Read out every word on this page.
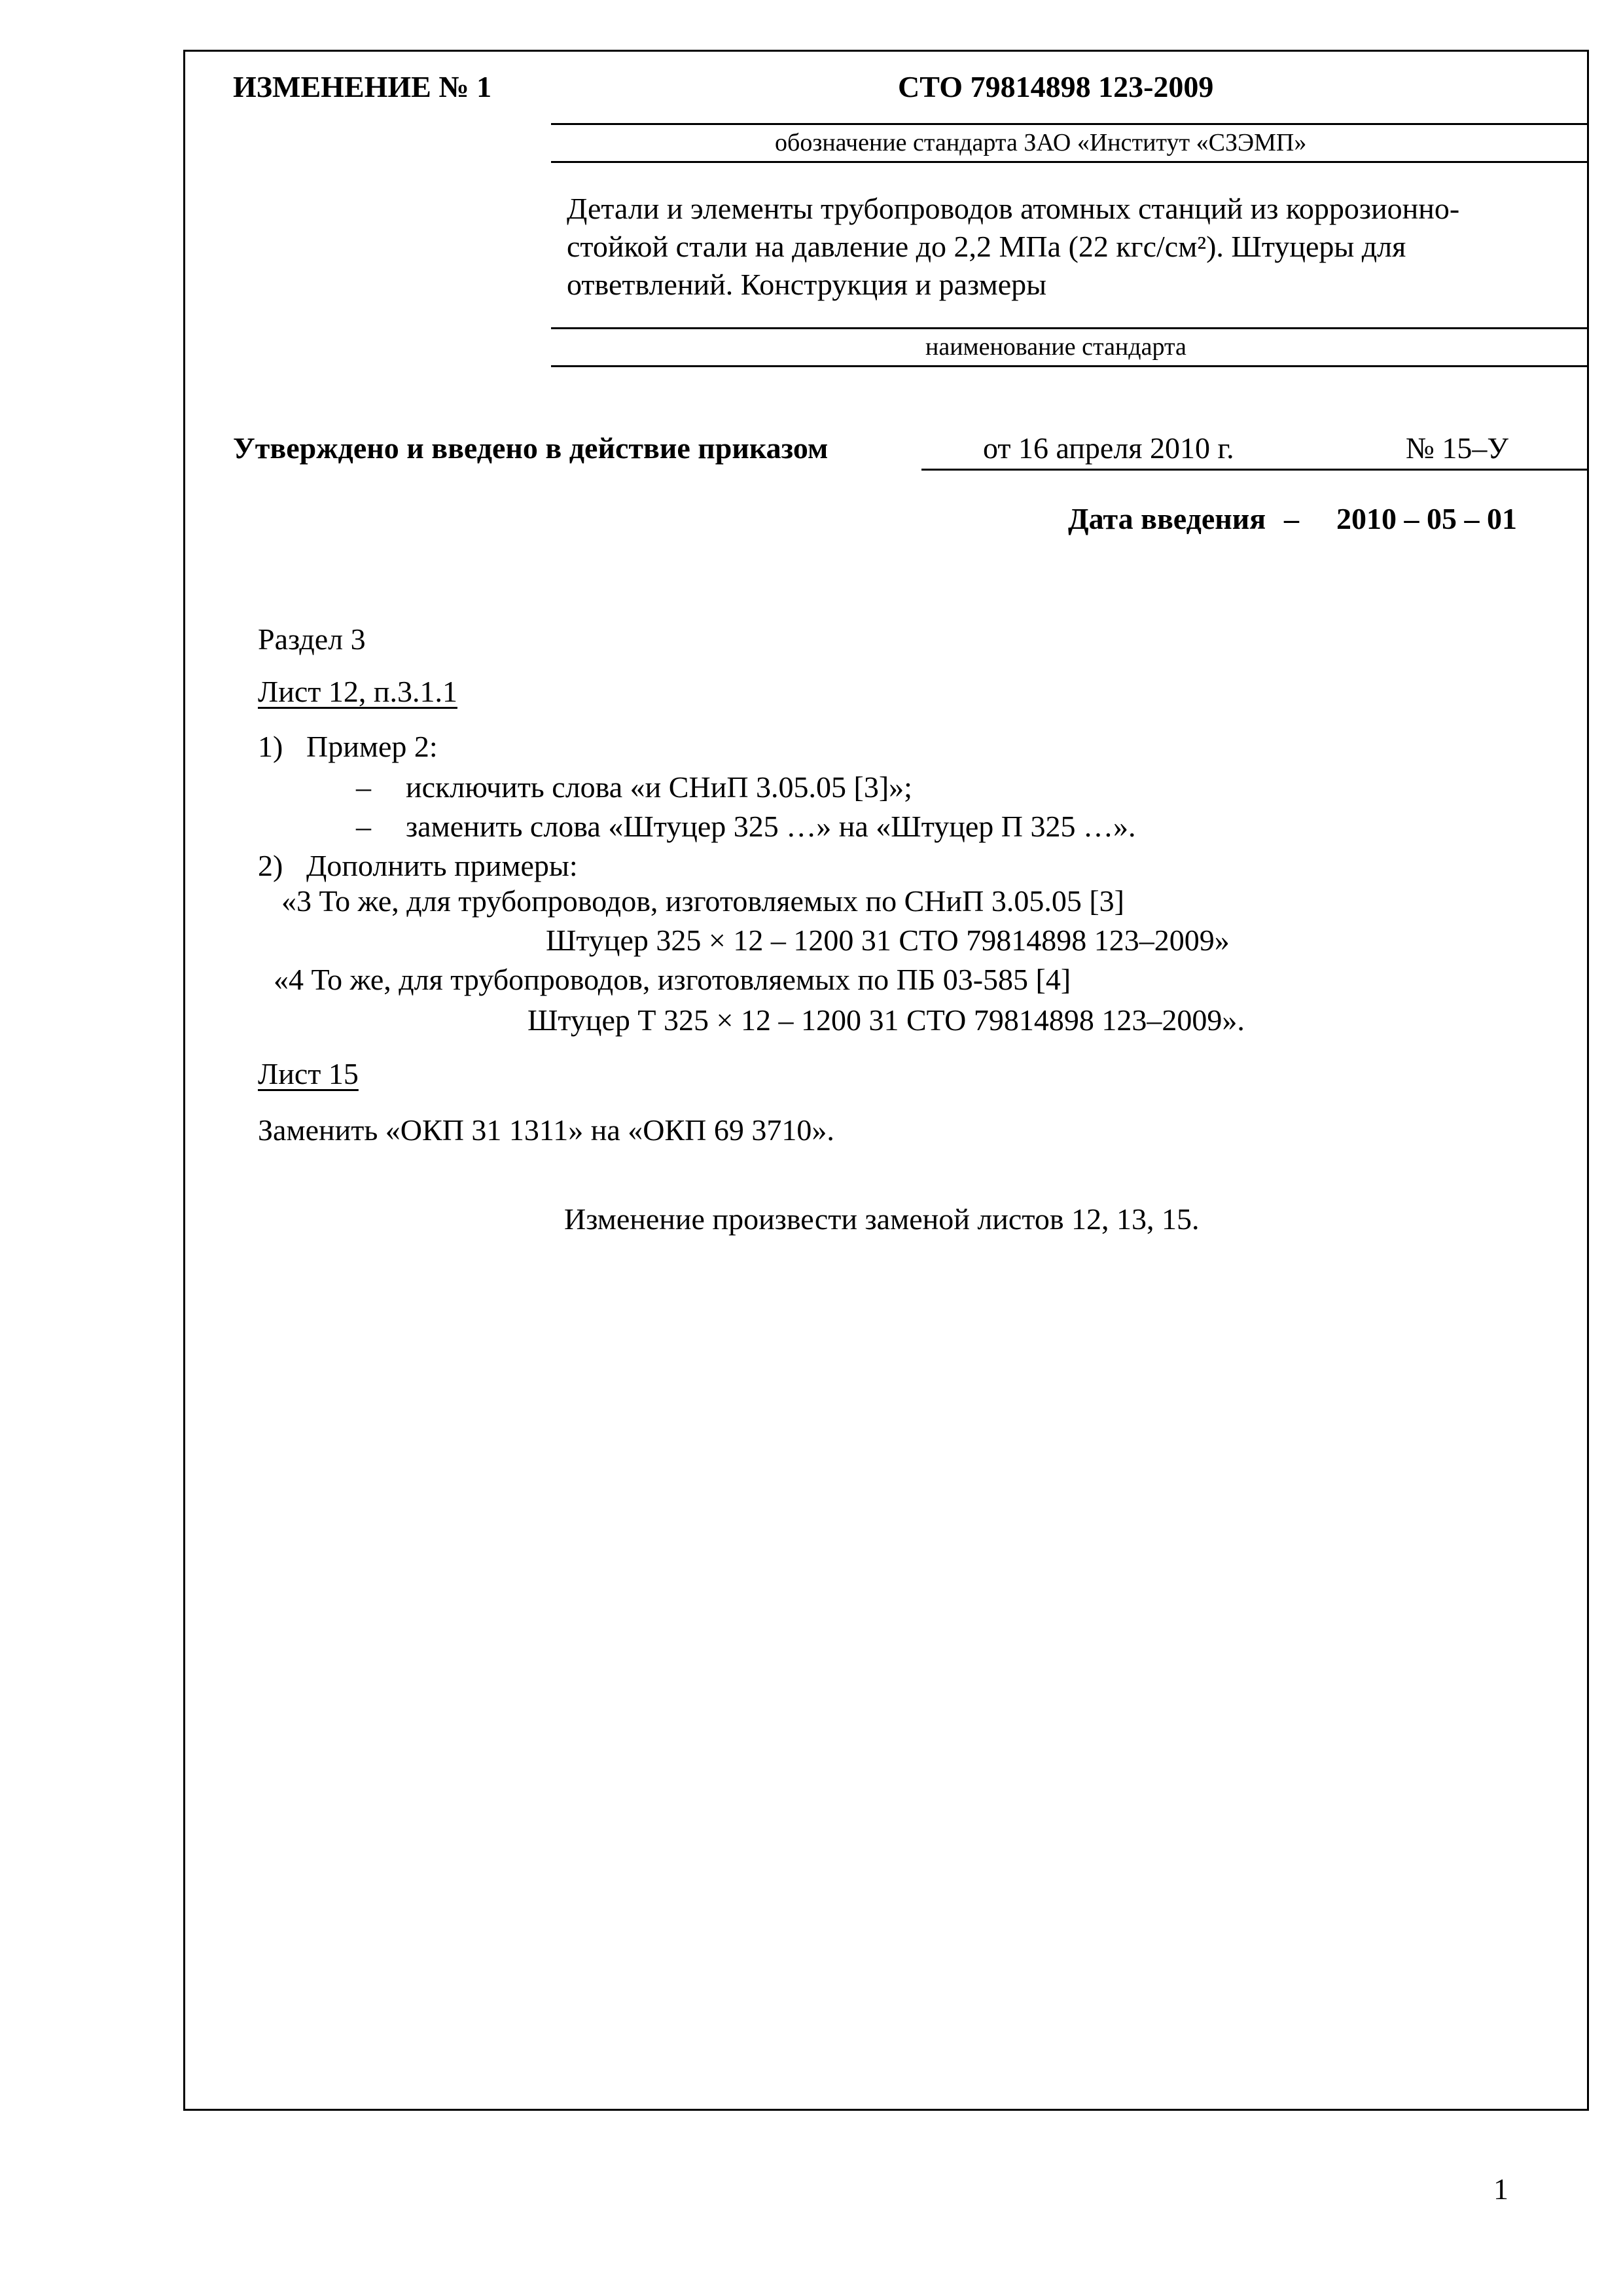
ИЗМЕНЕНИЕ № 1	СТО 79814898 123-2009
обозначение стандарта ЗАО «Институт «СЗЭМП»
Детали и элементы трубопроводов атомных станций из коррозионно-
стойкой стали на давление до 2,2 МПа (22 кгс/см²). Штуцеры для
ответвлений. Конструкция и размеры
наименование стандарта
Утверждено и введено в действие приказом	от 16 апреля 2010 г.	№ 15–У
Дата введения – 2010 – 05 – 01
Раздел 3
Лист 12, п.3.1.1
1) Пример 2:
– исключить слова «и СНиП 3.05.05 [3]»;
– заменить слова «Штуцер 325 …» на «Штуцер П 325 …».
2) Дополнить примеры:
«3 То же, для трубопроводов, изготовляемых по СНиП 3.05.05 [3]
Штуцер 325 × 12 – 1200 31 СТО 79814898 123–2009»
«4 То же, для трубопроводов, изготовляемых по ПБ 03-585 [4]
Штуцер Т 325 × 12 – 1200 31 СТО 79814898 123–2009».
Лист 15
Заменить «ОКП 31 1311» на «ОКП 69 3710».
Изменение произвести заменой листов 12, 13, 15.
1
